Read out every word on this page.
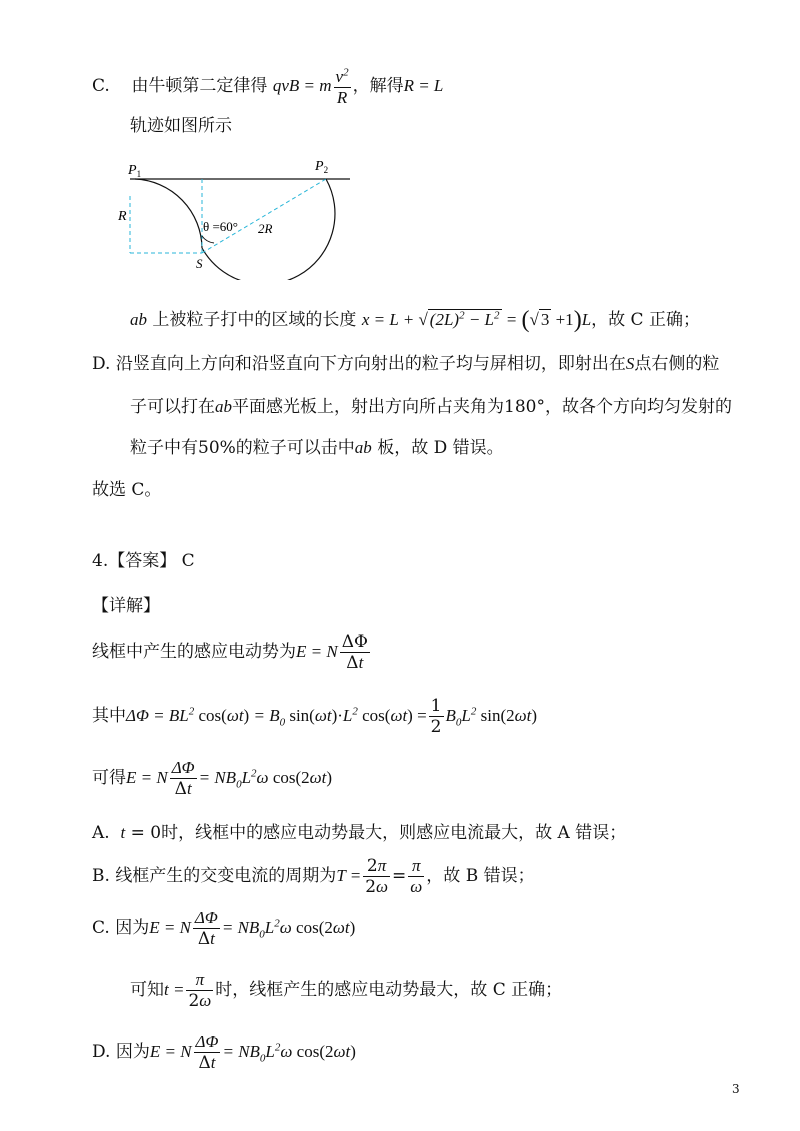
C. 由牛顿第二定律得 qvB = m $\frac{v^2}{R}$ ，解得R = L
轨迹如图所示
$P_1$	$P_2$
R
θ =60° 2R
S
ab 上被粒子打中的区域的长度 x = L + √ $(2L)^2 - L^2$ = (√ 3 +1)L，故 C 正确；
D. 沿竖直向上方向和沿竖直向下方向射出的粒子均与屏相切，即射出在S点右侧的粒
子可以打在ab平面感光板上，射出方向所占夹角为180°，故各个方向均匀发射的
粒子中有50%的粒子可以击中ab 板，故 D 错误。
故选 C。
4.【答案】 C
【详解】
线框中产生的感应电动势为E = N $\frac{\Delta\Phi}{\Delta t}$
其中$\Delta\Phi = BL^2$ $\cos(\omega t) = B_0$ $\sin(\omega t)\cdot L^2$ $\cos(\omega t) = \frac{1}{2} B_0L^2$ sin(2ωt)
可得E = N $\frac{\Delta\Phi}{\Delta t} = NB_0L^2\omega$ cos(2ωt)
A. t = 0时，线框中的感应电动势最大，则感应电流最大，故 A 错误；
B. 线框产生的交变电流的周期为$T = \frac{2\pi}{2\omega} = \frac{\pi}{\omega}$ ，故 B 错误；
C. 因为E = N $\frac{\Delta\Phi}{\Delta t} = NB_0L^2\omega$ cos(2ωt)
可知$t = \frac{\pi}{2\omega}$ 时，线框产生的感应电动势最大，故 C 正确；
D. 因为E = N $\frac{\Delta\Phi}{\Delta t} = NB_0L^2\omega$ cos(2ωt)
3
